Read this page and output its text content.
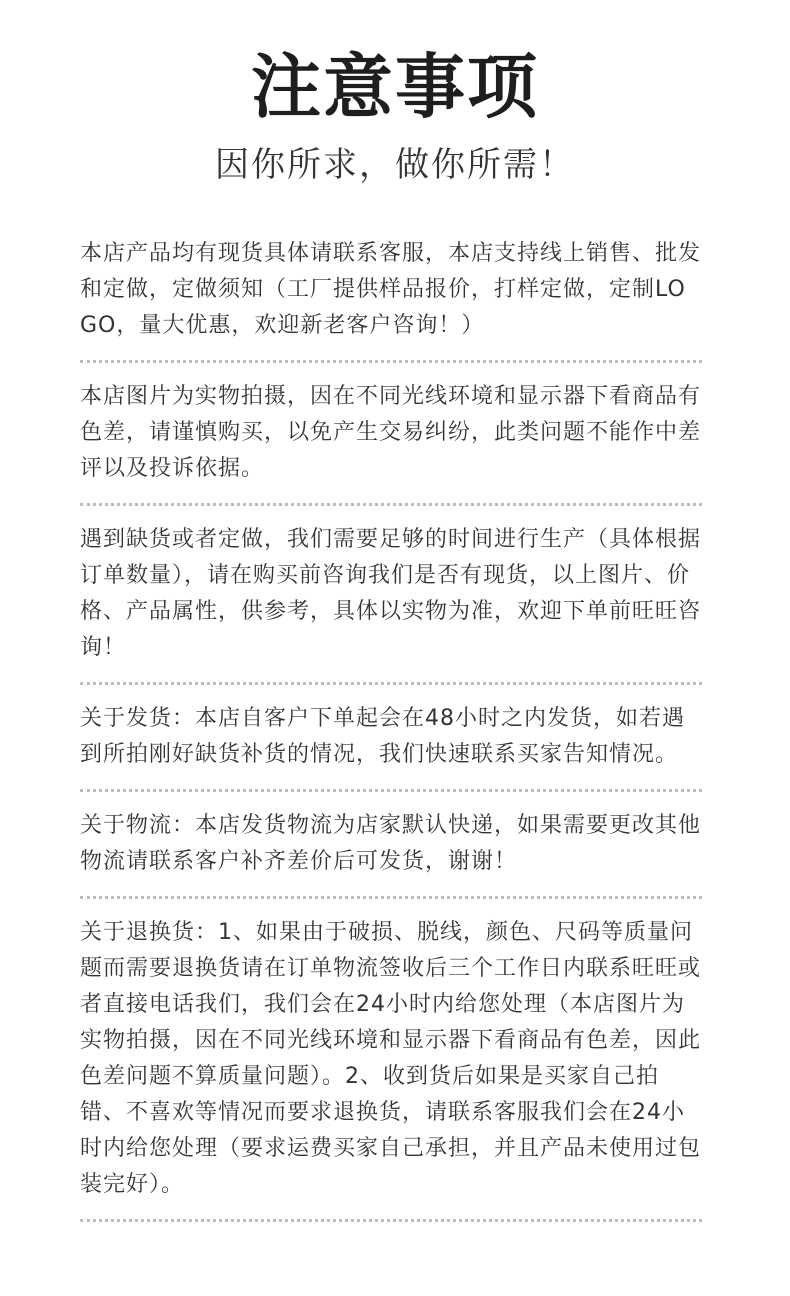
注意事项
因你所求，做你所需！

本店产品均有现货具体请联系客服，本店支持线上销售、批发和定做，定做须知（工厂提供样品报价，打样定做，定制LOGO，量大优惠，欢迎新老客户咨询！）

本店图片为实物拍摄，因在不同光线环境和显示器下看商品有色差，请谨慎购买，以免产生交易纠纷，此类问题不能作中差评以及投诉依据。

遇到缺货或者定做，我们需要足够的时间进行生产（具体根据订单数量），请在购买前咨询我们是否有现货，以上图片、价格、产品属性，供参考，具体以实物为准，欢迎下单前旺旺咨询！

关于发货：本店自客户下单起会在48小时之内发货，如若遇到所拍刚好缺货补货的情况，我们快速联系买家告知情况。

关于物流：本店发货物流为店家默认快递，如果需要更改其他物流请联系客户补齐差价后可发货，谢谢！

关于退换货：1、如果由于破损、脱线，颜色、尺码等质量问题而需要退换货请在订单物流签收后三个工作日内联系旺旺或者直接电话我们，我们会在24小时内给您处理（本店图片为实物拍摄，因在不同光线环境和显示器下看商品有色差，因此色差问题不算质量问题）。2、收到货后如果是买家自己拍错、不喜欢等情况而要求退换货，请联系客服我们会在24小时内给您处理（要求运费买家自己承担，并且产品未使用过包装完好）。
